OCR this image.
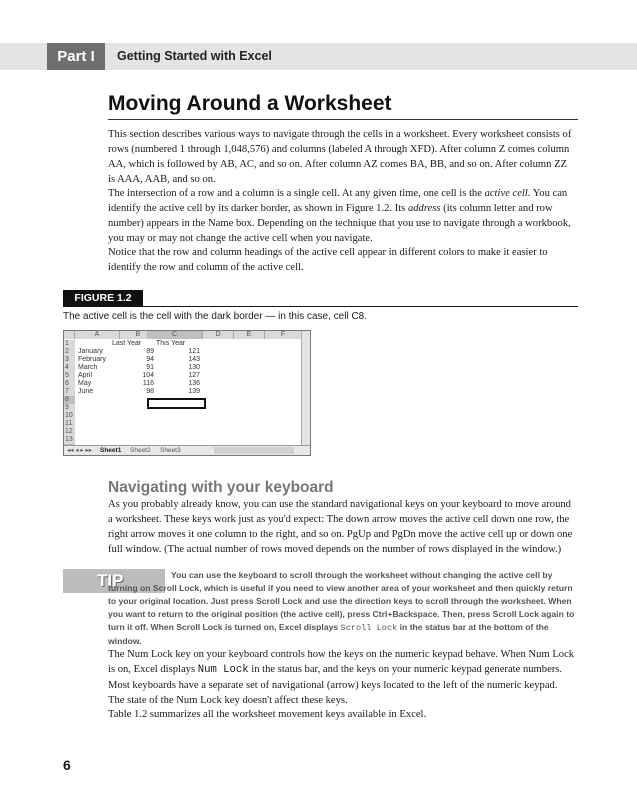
Part I	Getting Started with Excel
Moving Around a Worksheet

This section describes various ways to navigate through the cells in a worksheet. Every worksheet consists of rows (numbered 1 through 1,048,576) and columns (labeled A through XFD). After column Z comes column AA, which is followed by AB, AC, and so on. After column AZ comes BA, BB, and so on. After column ZZ is AAA, AAB, and so on.

The intersection of a row and a column is a single cell. At any given time, one cell is the active cell. You can identify the active cell by its darker border, as shown in Figure 1.2. Its address (its column letter and row number) appears in the Name box. Depending on the technique that you use to navigate through a workbook, you may or may not change the active cell when you navigate.

Notice that the row and column headings of the active cell appear in different colors to make it easier to identify the row and column of the active cell.

FIGURE 1.2
The active cell is the cell with the dark border — in this case, cell C8.
A	B	C	D	E	F
1
2
3
4
5
6
7
8
9
10
11
12
13
Last Year This Year
January	89	121
February	94	143
March	91	130
April	104	127
May	116	136
June	98	139
◂◂ ◂ ▸ ▸▸ Sheet1 Sheet2 Sheet3
Navigating with your keyboard

As you probably already know, you can use the standard navigational keys on your keyboard to move around a worksheet. These keys work just as you'd expect: The down arrow moves the active cell down one row, the right arrow moves it one column to the right, and so on. PgUp and PgDn move the active cell up or down one full window. (The actual number of rows moved depends on the number of rows displayed in the window.)

TIP	You can use the keyboard to scroll through the worksheet without changing the active cell by turning on Scroll Lock, which is useful if you need to view another area of your worksheet and then quickly return to your original location. Just press Scroll Lock and use the direction keys to scroll through the worksheet. When you want to return to the original position (the active cell), press Ctrl+Backspace. Then, press Scroll Lock again to turn it off. When Scroll Lock is turned on, Excel displays Scroll Lock in the status bar at the bottom of the window.

The Num Lock key on your keyboard controls how the keys on the numeric keypad behave. When Num Lock is on, Excel displays Num Lock in the status bar, and the keys on your numeric keypad generate numbers. Most keyboards have a separate set of navigational (arrow) keys located to the left of the numeric keypad. The state of the Num Lock key doesn't affect these keys.

Table 1.2 summarizes all the worksheet movement keys available in Excel.

6
